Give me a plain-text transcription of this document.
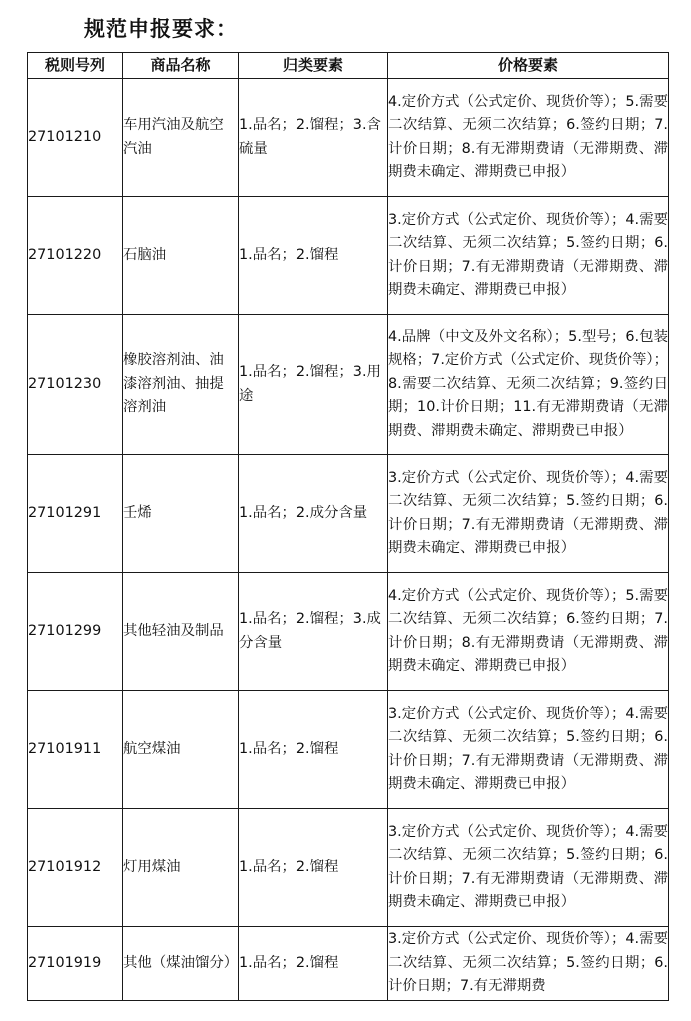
规范申报要求：
税则号列	商品名称	归类要素	价格要素
27101210	车用汽油及航空汽油	1.品名；2.馏程；3.含硫量	4.定价方式（公式定价、现货价等）；5.需要二次结算、无须二次结算；6.签约日期；7.计价日期；8.有无滞期费请（无滞期费、滞期费未确定、滞期费已申报）
27101220	石脑油	1.品名；2.馏程	3.定价方式（公式定价、现货价等）；4.需要二次结算、无须二次结算；5.签约日期；6.计价日期；7.有无滞期费请（无滞期费、滞期费未确定、滞期费已申报）
27101230	橡胶溶剂油、油漆溶剂油、抽提溶剂油	1.品名；2.馏程；3.用途	4.品牌（中文及外文名称）；5.型号；6.包装规格；7.定价方式（公式定价、现货价等）；8.需要二次结算、无须二次结算；9.签约日期；10.计价日期；11.有无滞期费请（无滞期费、滞期费未确定、滞期费已申报）
27101291	壬烯	1.品名；2.成分含量	3.定价方式（公式定价、现货价等）；4.需要二次结算、无须二次结算；5.签约日期；6.计价日期；7.有无滞期费请（无滞期费、滞期费未确定、滞期费已申报）
27101299	其他轻油及制品	1.品名；2.馏程；3.成分含量	4.定价方式（公式定价、现货价等）；5.需要二次结算、无须二次结算；6.签约日期；7.计价日期；8.有无滞期费请（无滞期费、滞期费未确定、滞期费已申报）
27101911	航空煤油	1.品名；2.馏程	3.定价方式（公式定价、现货价等）；4.需要二次结算、无须二次结算；5.签约日期；6.计价日期；7.有无滞期费请（无滞期费、滞期费未确定、滞期费已申报）
27101912	灯用煤油	1.品名；2.馏程	3.定价方式（公式定价、现货价等）；4.需要二次结算、无须二次结算；5.签约日期；6.计价日期；7.有无滞期费请（无滞期费、滞期费未确定、滞期费已申报）
27101919	其他（煤油馏分）	1.品名；2.馏程	3.定价方式（公式定价、现货价等）；4.需要二次结算、无须二次结算；5.签约日期；6.计价日期；7.有无滞期费
